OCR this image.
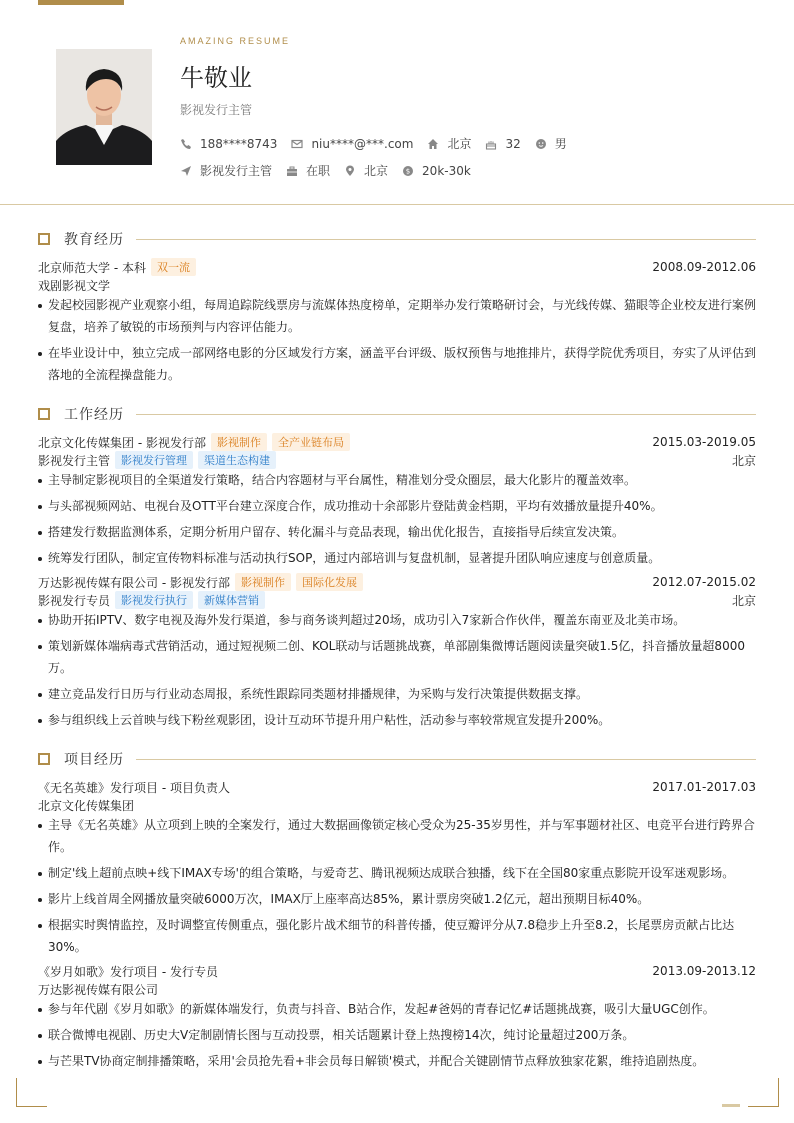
AMAZING RESUME
牛敬业
影视发行主管
188****8743	niu****@***.com	北京	32	男
影视发行主管	在职	北京	$ 20k-30k
教育经历
北京师范大学 - 本科	双一流	2008.09-2012.06
戏剧影视文学
发起校园影视产业观察小组，每周追踪院线票房与流媒体热度榜单，定期举办发行策略研讨会，与光线传媒、猫眼等企业校友进行案例复盘，培养了敏锐的市场预判与内容评估能力。
在毕业设计中，独立完成一部网络电影的分区域发行方案，涵盖平台评级、版权预售与地推排片，获得学院优秀项目，夯实了从评估到落地的全流程操盘能力。
工作经历
北京文化传媒集团 - 影视发行部	影视制作	全产业链布局	2015.03-2019.05
影视发行主管	影视发行管理	渠道生态构建	北京
主导制定影视项目的全渠道发行策略，结合内容题材与平台属性，精准划分受众圈层，最大化影片的覆盖效率。
与头部视频网站、电视台及OTT平台建立深度合作，成功推动十余部影片登陆黄金档期，平均有效播放量提升40%。
搭建发行数据监测体系，定期分析用户留存、转化漏斗与竞品表现，输出优化报告，直接指导后续宣发决策。
统筹发行团队，制定宣传物料标准与活动执行SOP，通过内部培训与复盘机制，显著提升团队响应速度与创意质量。
万达影视传媒有限公司 - 影视发行部	影视制作	国际化发展	2012.07-2015.02
影视发行专员	影视发行执行	新媒体营销	北京
协助开拓IPTV、数字电视及海外发行渠道，参与商务谈判超过20场，成功引入7家新合作伙伴，覆盖东南亚及北美市场。
策划新媒体端病毒式营销活动，通过短视频二创、KOL联动与话题挑战赛，单部剧集微博话题阅读量突破1.5亿，抖音播放量超8000万。
建立竞品发行日历与行业动态周报，系统性跟踪同类题材排播规律，为采购与发行决策提供数据支撑。
参与组织线上云首映与线下粉丝观影团，设计互动环节提升用户粘性，活动参与率较常规宣发提升200%。
项目经历
《无名英雄》发行项目 - 项目负责人	2017.01-2017.03
北京文化传媒集团
主导《无名英雄》从立项到上映的全案发行，通过大数据画像锁定核心受众为25-35岁男性，并与军事题材社区、电竞平台进行跨界合作。
制定'线上超前点映+线下IMAX专场'的组合策略，与爱奇艺、腾讯视频达成联合独播，线下在全国80家重点影院开设军迷观影场。
影片上线首周全网播放量突破6000万次，IMAX厅上座率高达85%，累计票房突破1.2亿元，超出预期目标40%。
根据实时舆情监控，及时调整宣传侧重点，强化影片战术细节的科普传播，使豆瓣评分从7.8稳步上升至8.2，长尾票房贡献占比达30%。
《岁月如歌》发行项目 - 发行专员	2013.09-2013.12
万达影视传媒有限公司
参与年代剧《岁月如歌》的新媒体端发行，负责与抖音、B站合作，发起#爸妈的青春记忆#话题挑战赛，吸引大量UGC创作。
联合微博电视剧、历史大V定制剧情长图与互动投票，相关话题累计登上热搜榜14次，纯讨论量超过200万条。
与芒果TV协商定制排播策略，采用'会员抢先看+非会员每日解锁'模式，并配合关键剧情节点释放独家花絮，维持追剧热度。
